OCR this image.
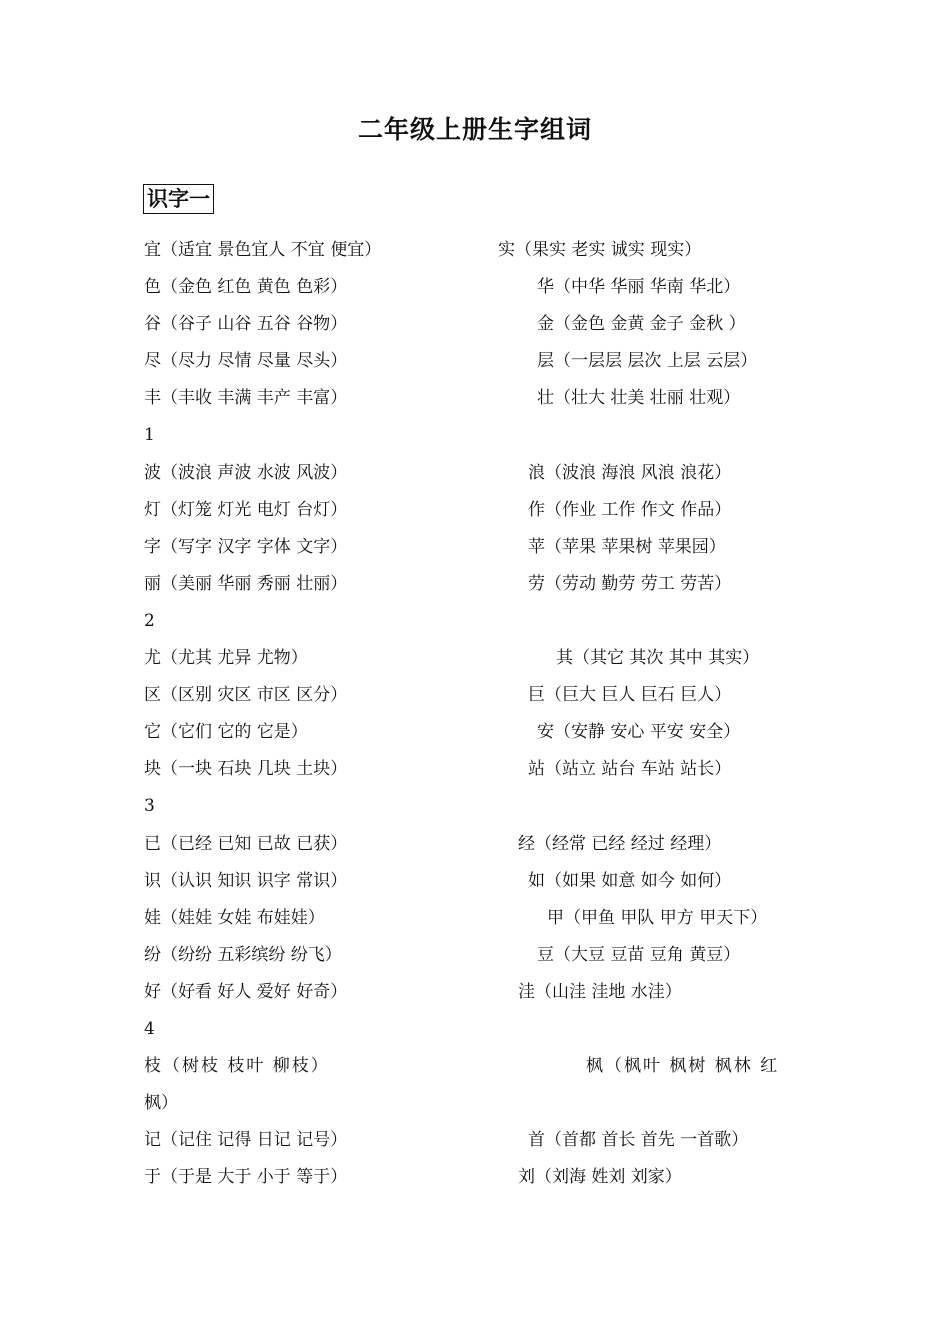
二年级上册生字组词
识字一
宜（适宜 景色宜人 不宜 便宜）	实（果实 老实 诚实 现实）
色（金色 红色 黄色 色彩）	华（中华 华丽 华南 华北）
谷（谷子 山谷 五谷 谷物）	金（金色 金黄 金子 金秋 ）
尽（尽力 尽情 尽量 尽头）	层（一层层 层次 上层 云层）
丰（丰收 丰满 丰产 丰富）	壮（壮大 壮美 壮丽 壮观）
1
波（波浪 声波 水波 风波）	浪（波浪 海浪 风浪 浪花）
灯（灯笼 灯光 电灯 台灯）	作（作业 工作 作文 作品）
字（写字 汉字 字体 文字）	苹（苹果 苹果树 苹果园）
丽（美丽 华丽 秀丽 壮丽）	劳（劳动 勤劳 劳工 劳苦）
2
尤（尤其 尤异 尤物）	其（其它 其次 其中 其实）
区（区别 灾区 市区 区分）	巨（巨大 巨人 巨石 巨人）
它（它们 它的 它是）	安（安静 安心 平安 安全）
块（一块 石块 几块 土块）	站（站立 站台 车站 站长）
3
已（已经 已知 已故 已获）	经（经常 已经 经过 经理）
识（认识 知识 识字 常识）	如（如果 如意 如今 如何）
娃（娃娃 女娃 布娃娃）	甲（甲鱼 甲队 甲方 甲天下）
纷（纷纷 五彩缤纷 纷飞）	豆（大豆 豆苗 豆角 黄豆）
好（好看 好人 爱好 好奇）	洼（山洼 洼地 水洼）
4
枝（树枝 枝叶 柳枝）	枫（枫叶 枫树 枫林 红
枫）
记（记住 记得 日记 记号）	首（首都 首长 首先 一首歌）
于（于是 大于 小于 等于）	刘（刘海 姓刘 刘家）
